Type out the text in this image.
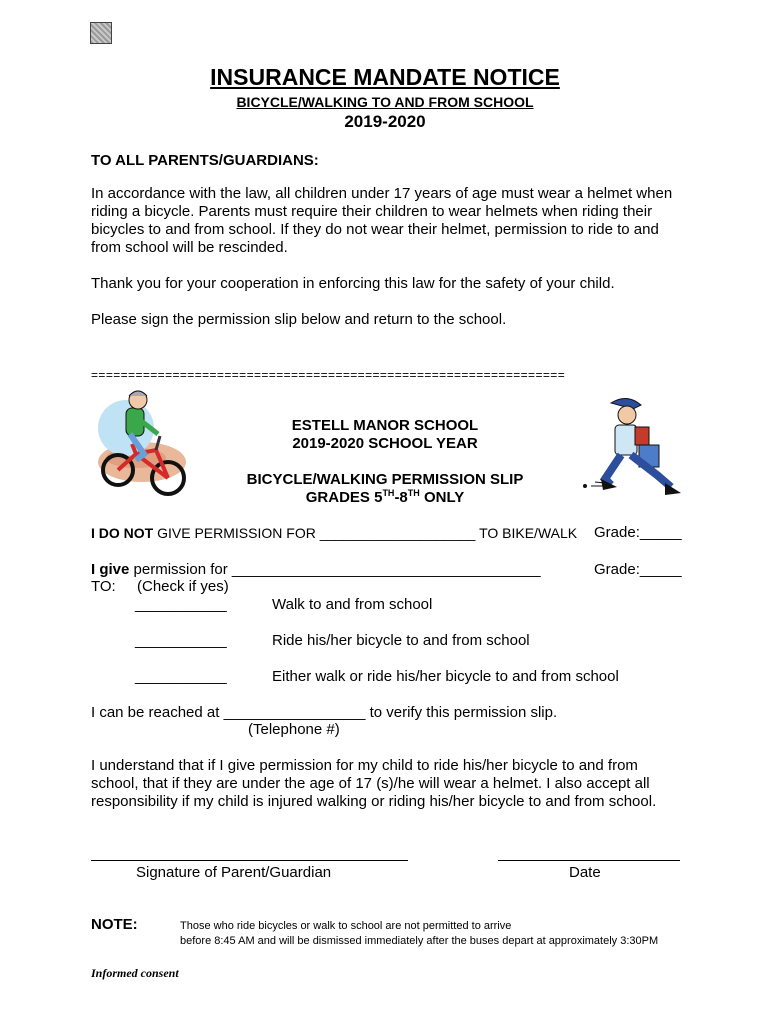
INSURANCE MANDATE NOTICE
BICYCLE/WALKING TO AND FROM SCHOOL
2019-2020
TO ALL PARENTS/GUARDIANS:
In accordance with the law, all children under 17 years of age must wear a helmet when
riding a bicycle. Parents must require their children to wear helmets when riding their
bicycles to and from school. If they do not wear their helmet, permission to ride to and
from school will be rescinded.
Thank you for your cooperation in enforcing this law for the safety of your child.
Please sign the permission slip below and return to the school.
================================================================
ESTELL MANOR SCHOOL
2019-2020 SCHOOL YEAR
BICYCLE/WALKING PERMISSION SLIP
GRADES 5TH-8TH ONLY
I DO NOT GIVE PERMISSION FOR ____________________ TO BIKE/WALK Grade:_____
I give permission for _____________________________________	Grade:_____
TO: (Check if yes)
___________	Walk to and from school
___________	Ride his/her bicycle to and from school
___________	Either walk or ride his/her bicycle to and from school
I can be reached at _________________ to verify this permission slip.
(Telephone #)
I understand that if I give permission for my child to ride his/her bicycle to and from
school, that if they are under the age of 17 (s)/he will wear a helmet. I also accept all
responsibility if my child is injured walking or riding his/her bicycle to and from school.
Signature of Parent/Guardian	Date
NOTE:	Those who ride bicycles or walk to school are not permitted to arrive
before 8:45 AM and will be dismissed immediately after the buses depart at approximately 3:30PM
Informed consent
